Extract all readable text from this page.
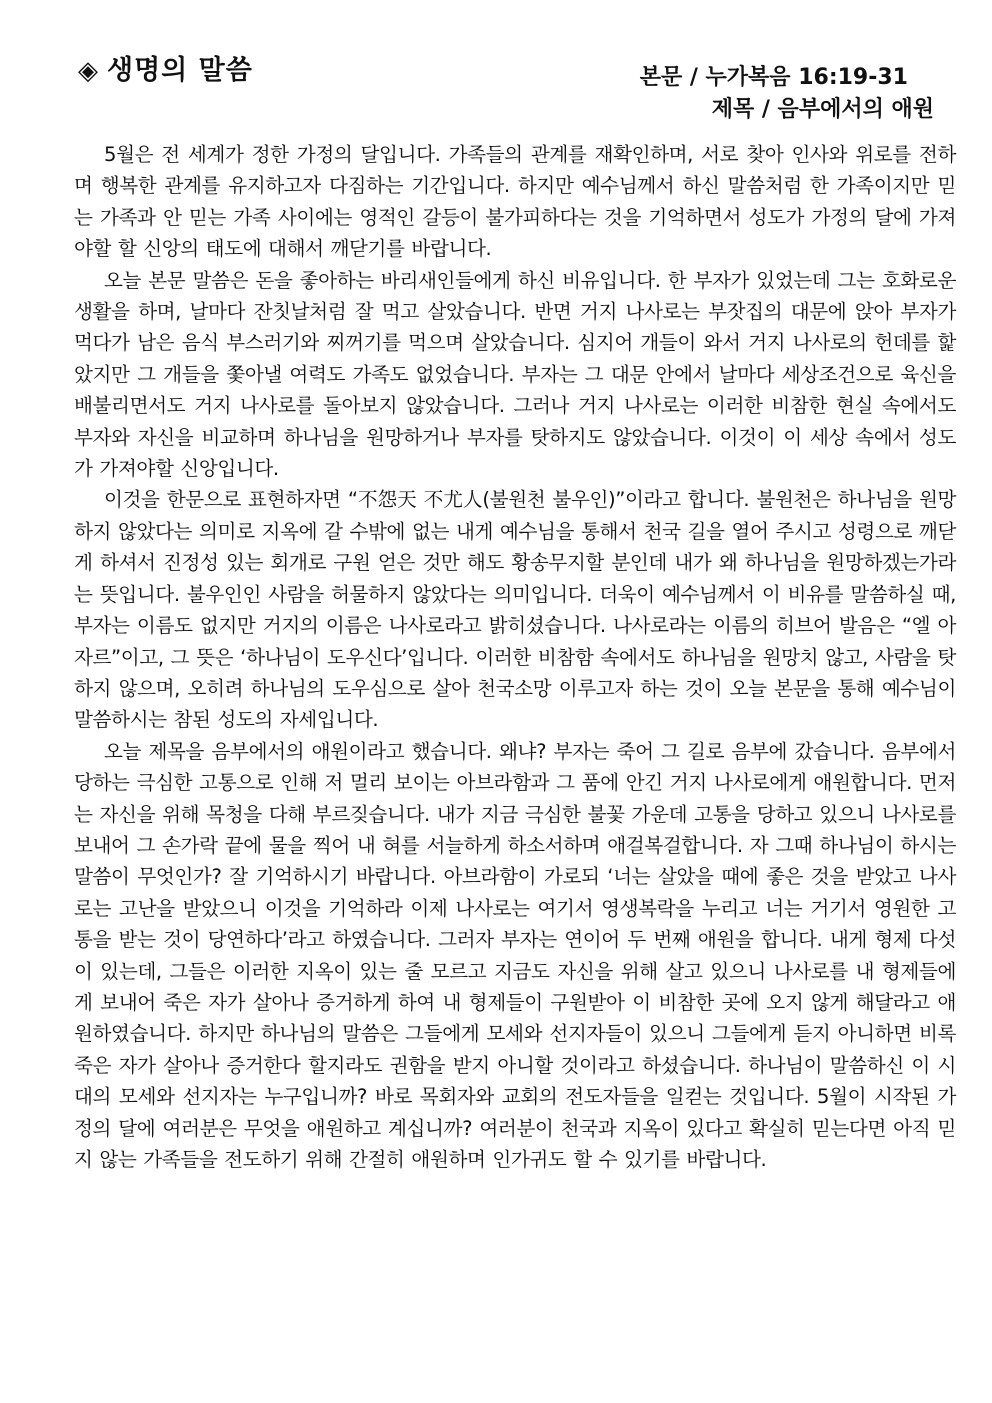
◈ 생명의 말씀	본문 / 누가복음 16:19-31
제목 / 음부에서의 애원

5월은 전 세계가 정한 가정의 달입니다. 가족들의 관계를 재확인하며, 서로 찾아 인사와 위로를 전하며 행복한 관계를 유지하고자 다짐하는 기간입니다. 하지만 예수님께서 하신 말씀처럼 한 가족이지만 믿는 가족과 안 믿는 가족 사이에는 영적인 갈등이 불가피하다는 것을 기억하면서 성도가 가정의 달에 가져야할 할 신앙의 태도에 대해서 깨닫기를 바랍니다.

오늘 본문 말씀은 돈을 좋아하는 바리새인들에게 하신 비유입니다. 한 부자가 있었는데 그는 호화로운 생활을 하며, 날마다 잔칫날처럼 잘 먹고 살았습니다. 반면 거지 나사로는 부잣집의 대문에 앉아 부자가 먹다가 남은 음식 부스러기와 찌꺼기를 먹으며 살았습니다. 심지어 개들이 와서 거지 나사로의 헌데를 핥았지만 그 개들을 쫓아낼 여력도 가족도 없었습니다. 부자는 그 대문 안에서 날마다 세상조건으로 육신을 배불리면서도 거지 나사로를 돌아보지 않았습니다. 그러나 거지 나사로는 이러한 비참한 현실 속에서도 부자와 자신을 비교하며 하나님을 원망하거나 부자를 탓하지도 않았습니다. 이것이 이 세상 속에서 성도가 가져야할 신앙입니다.

이것을 한문으로 표현하자면 “不怨天 不尤人(불원천 불우인)”이라고 합니다. 불원천은 하나님을 원망하지 않았다는 의미로 지옥에 갈 수밖에 없는 내게 예수님을 통해서 천국 길을 열어 주시고 성령으로 깨닫게 하셔서 진정성 있는 회개로 구원 얻은 것만 해도 황송무지할 분인데 내가 왜 하나님을 원망하겠는가라는 뜻입니다. 불우인인 사람을 허물하지 않았다는 의미입니다. 더욱이 예수님께서 이 비유를 말씀하실 때, 부자는 이름도 없지만 거지의 이름은 나사로라고 밝히셨습니다. 나사로라는 이름의 히브어 발음은 “엘 아자르”이고, 그 뜻은 ‘하나님이 도우신다’입니다. 이러한 비참함 속에서도 하나님을 원망치 않고, 사람을 탓하지 않으며, 오히려 하나님의 도우심으로 살아 천국소망 이루고자 하는 것이 오늘 본문을 통해 예수님이 말씀하시는 참된 성도의 자세입니다.

오늘 제목을 음부에서의 애원이라고 했습니다. 왜냐? 부자는 죽어 그 길로 음부에 갔습니다. 음부에서 당하는 극심한 고통으로 인해 저 멀리 보이는 아브라함과 그 품에 안긴 거지 나사로에게 애원합니다. 먼저는 자신을 위해 목청을 다해 부르짖습니다. 내가 지금 극심한 불꽃 가운데 고통을 당하고 있으니 나사로를 보내어 그 손가락 끝에 물을 찍어 내 혀를 서늘하게 하소서하며 애걸복걸합니다. 자 그때 하나님이 하시는 말씀이 무엇인가? 잘 기억하시기 바랍니다. 아브라함이 가로되 ‘너는 살았을 때에 좋은 것을 받았고 나사로는 고난을 받았으니 이것을 기억하라 이제 나사로는 여기서 영생복락을 누리고 너는 거기서 영원한 고통을 받는 것이 당연하다’라고 하였습니다. 그러자 부자는 연이어 두 번째 애원을 합니다. 내게 형제 다섯이 있는데, 그들은 이러한 지옥이 있는 줄 모르고 지금도 자신을 위해 살고 있으니 나사로를 내 형제들에게 보내어 죽은 자가 살아나 증거하게 하여 내 형제들이 구원받아 이 비참한 곳에 오지 않게 해달라고 애원하였습니다. 하지만 하나님의 말씀은 그들에게 모세와 선지자들이 있으니 그들에게 듣지 아니하면 비록 죽은 자가 살아나 증거한다 할지라도 권함을 받지 아니할 것이라고 하셨습니다. 하나님이 말씀하신 이 시대의 모세와 선지자는 누구입니까? 바로 목회자와 교회의 전도자들을 일컫는 것입니다. 5월이 시작된 가정의 달에 여러분은 무엇을 애원하고 계십니까? 여러분이 천국과 지옥이 있다고 확실히 믿는다면 아직 믿지 않는 가족들을 전도하기 위해 간절히 애원하며 인가귀도 할 수 있기를 바랍니다.
